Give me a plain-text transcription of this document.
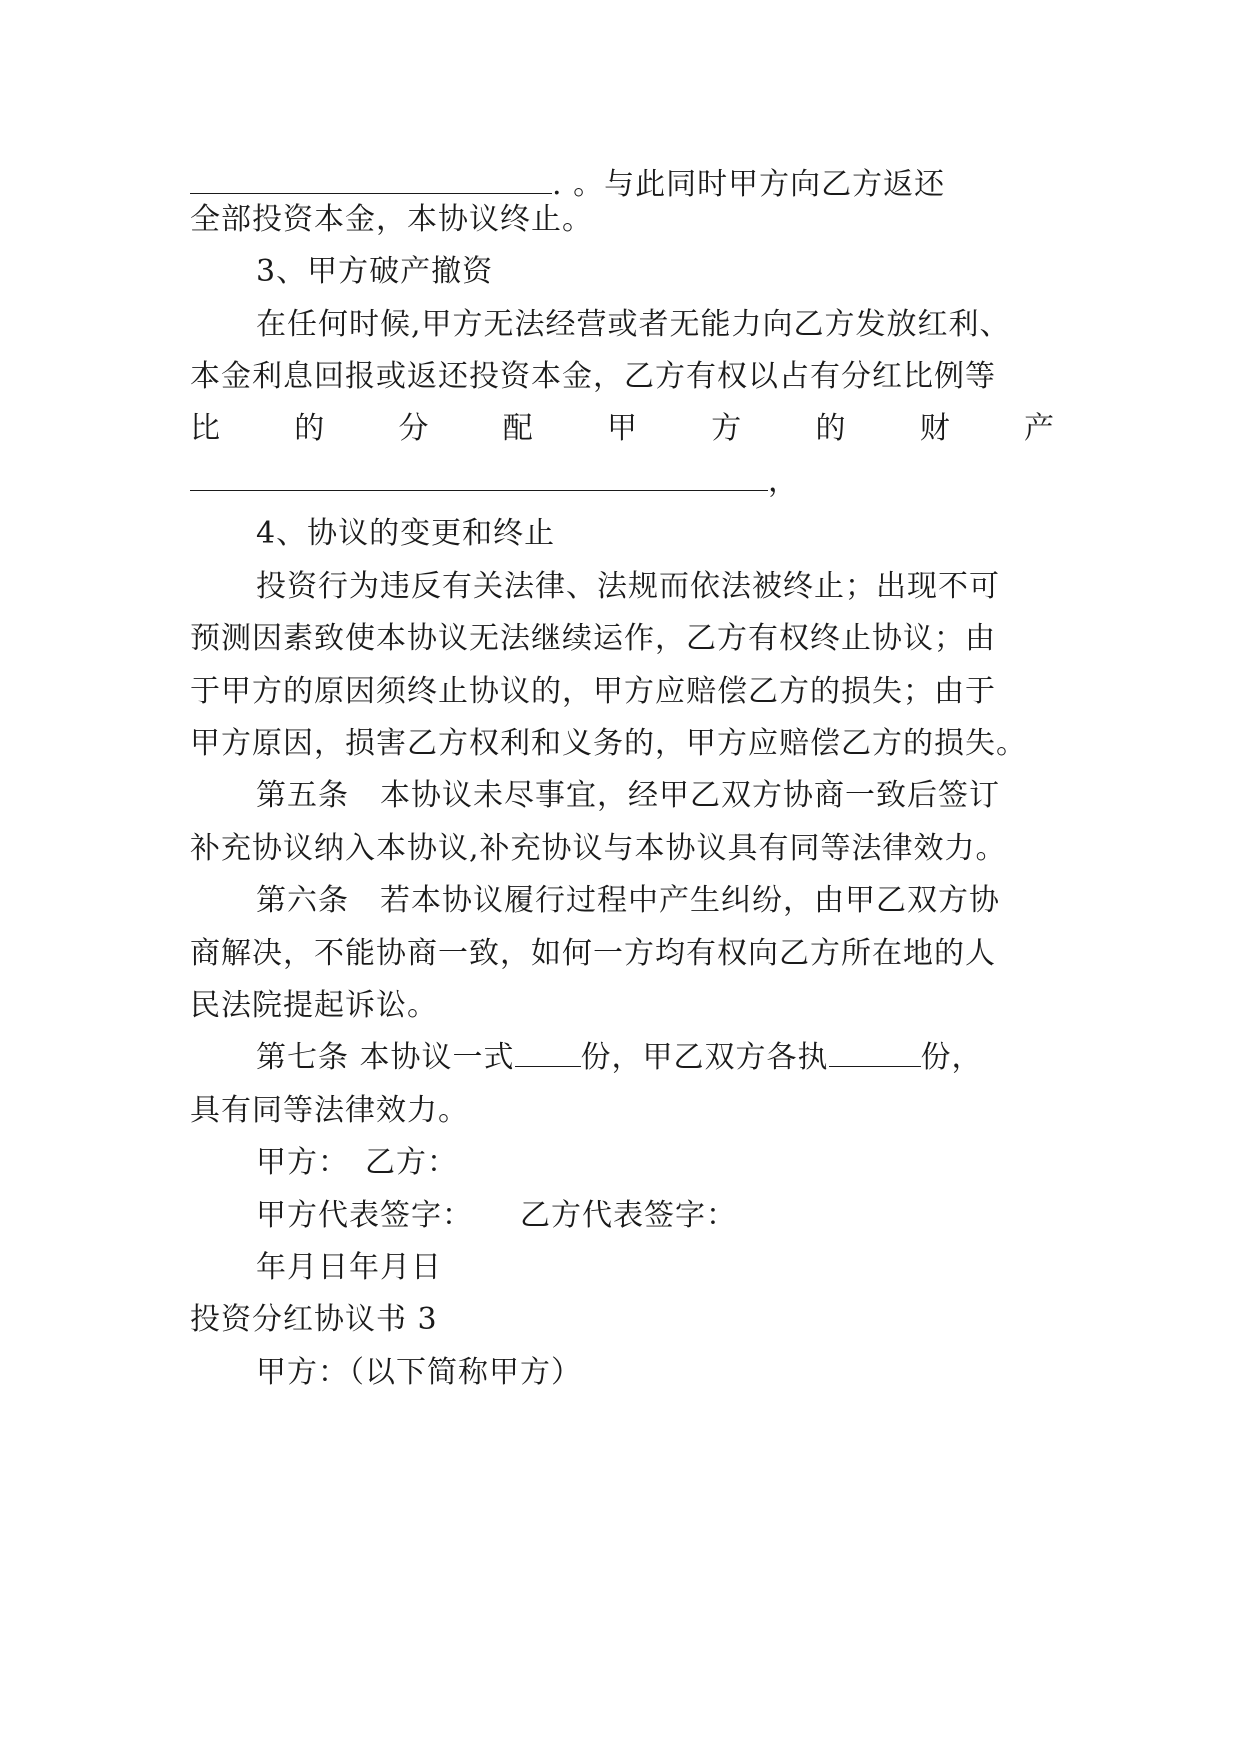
. 。与此同时甲方向乙方返还
全部投资本金，本协议终止。
3、甲方破产撤资
在任何时候,甲方无法经营或者无能力向乙方发放红利、
本金利息回报或返还投资本金，乙方有权以占有分红比例等
比 的 分 配 甲 方 的 财 产
，
4、协议的变更和终止
投资行为违反有关法律、法规而依法被终止；出现不可
预测因素致使本协议无法继续运作，乙方有权终止协议；由
于甲方的原因须终止协议的，甲方应赔偿乙方的损失；由于
甲方原因，损害乙方权利和义务的，甲方应赔偿乙方的损失。
第五条　本协议未尽事宜，经甲乙双方协商一致后签订
补充协议纳入本协议,补充协议与本协议具有同等法律效力。
第六条　若本协议履行过程中产生纠纷，由甲乙双方协
商解决，不能协商一致，如何一方均有权向乙方所在地的人
民法院提起诉讼。
第七条 本协议一式 份，甲乙双方各执	份，
具有同等法律效力。
甲方：　乙方：
甲方代表签字：　　乙方代表签字：
年月日年月日
投资分红协议书 3
甲方：（以下简称甲方）
